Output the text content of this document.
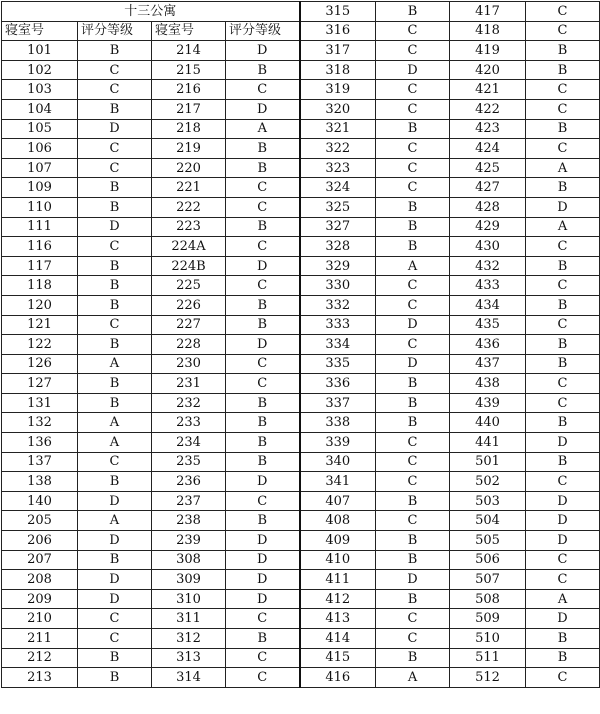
十三公寓				315	B	417	C
寝室号	评分等级	寝室号	评分等级	316	C	418	C
101	B	214	D	317	C	419	B
102	C	215	B	318	D	420	B
103	C	216	C	319	C	421	C
104	B	217	D	320	C	422	C
105	D	218	A	321	B	423	B
106	C	219	B	322	C	424	C
107	C	220	B	323	C	425	A
109	B	221	C	324	C	427	B
110	B	222	C	325	B	428	D
111	D	223	B	327	B	429	A
116	C	224A	C	328	B	430	C
117	B	224B	D	329	A	432	B
118	B	225	C	330	C	433	C
120	B	226	B	332	C	434	B
121	C	227	B	333	D	435	C
122	B	228	D	334	C	436	B
126	A	230	C	335	D	437	B
127	B	231	C	336	B	438	C
131	B	232	B	337	B	439	C
132	A	233	B	338	B	440	B
136	A	234	B	339	C	441	D
137	C	235	B	340	C	501	B
138	B	236	D	341	C	502	C
140	D	237	C	407	B	503	D
205	A	238	B	408	C	504	D
206	D	239	D	409	B	505	D
207	B	308	D	410	B	506	C
208	D	309	D	411	D	507	C
209	D	310	D	412	B	508	A
210	C	311	C	413	C	509	D
211	C	312	B	414	C	510	B
212	B	313	C	415	B	511	B
213	B	314	C	416	A	512	C
